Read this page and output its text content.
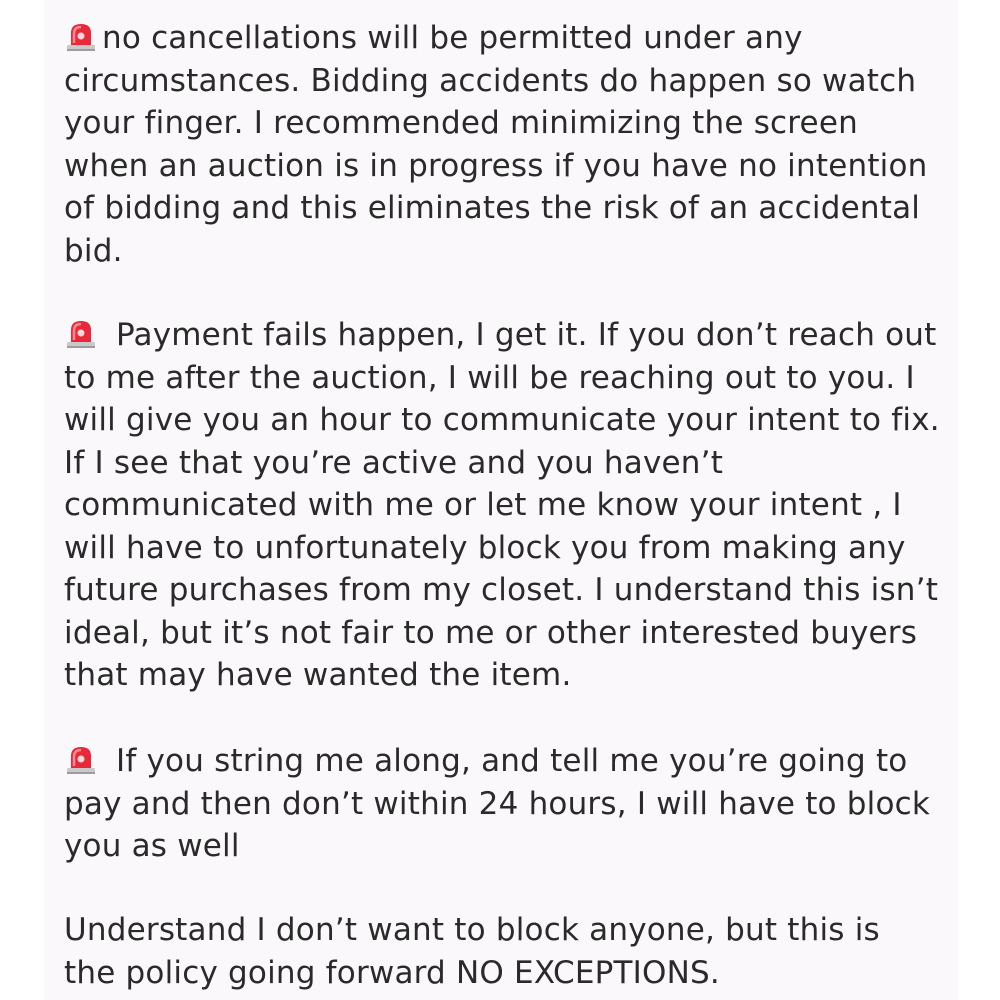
no cancellations will be permitted under any
circumstances. Bidding accidents do happen so watch
your finger. I recommended minimizing the screen
when an auction is in progress if you have no intention
of bidding and this eliminates the risk of an accidental
bid.
Payment fails happen, I get it. If you don’t reach out
to me after the auction, I will be reaching out to you. I
will give you an hour to communicate your intent to fix.
If I see that you’re active and you haven’t
communicated with me or let me know your intent , I
will have to unfortunately block you from making any
future purchases from my closet. I understand this isn’t
ideal, but it’s not fair to me or other interested buyers
that may have wanted the item.
If you string me along, and tell me you’re going to
pay and then don’t within 24 hours, I will have to block
you as well
Understand I don’t want to block anyone, but this is
the policy going forward NO EXCEPTIONS.
